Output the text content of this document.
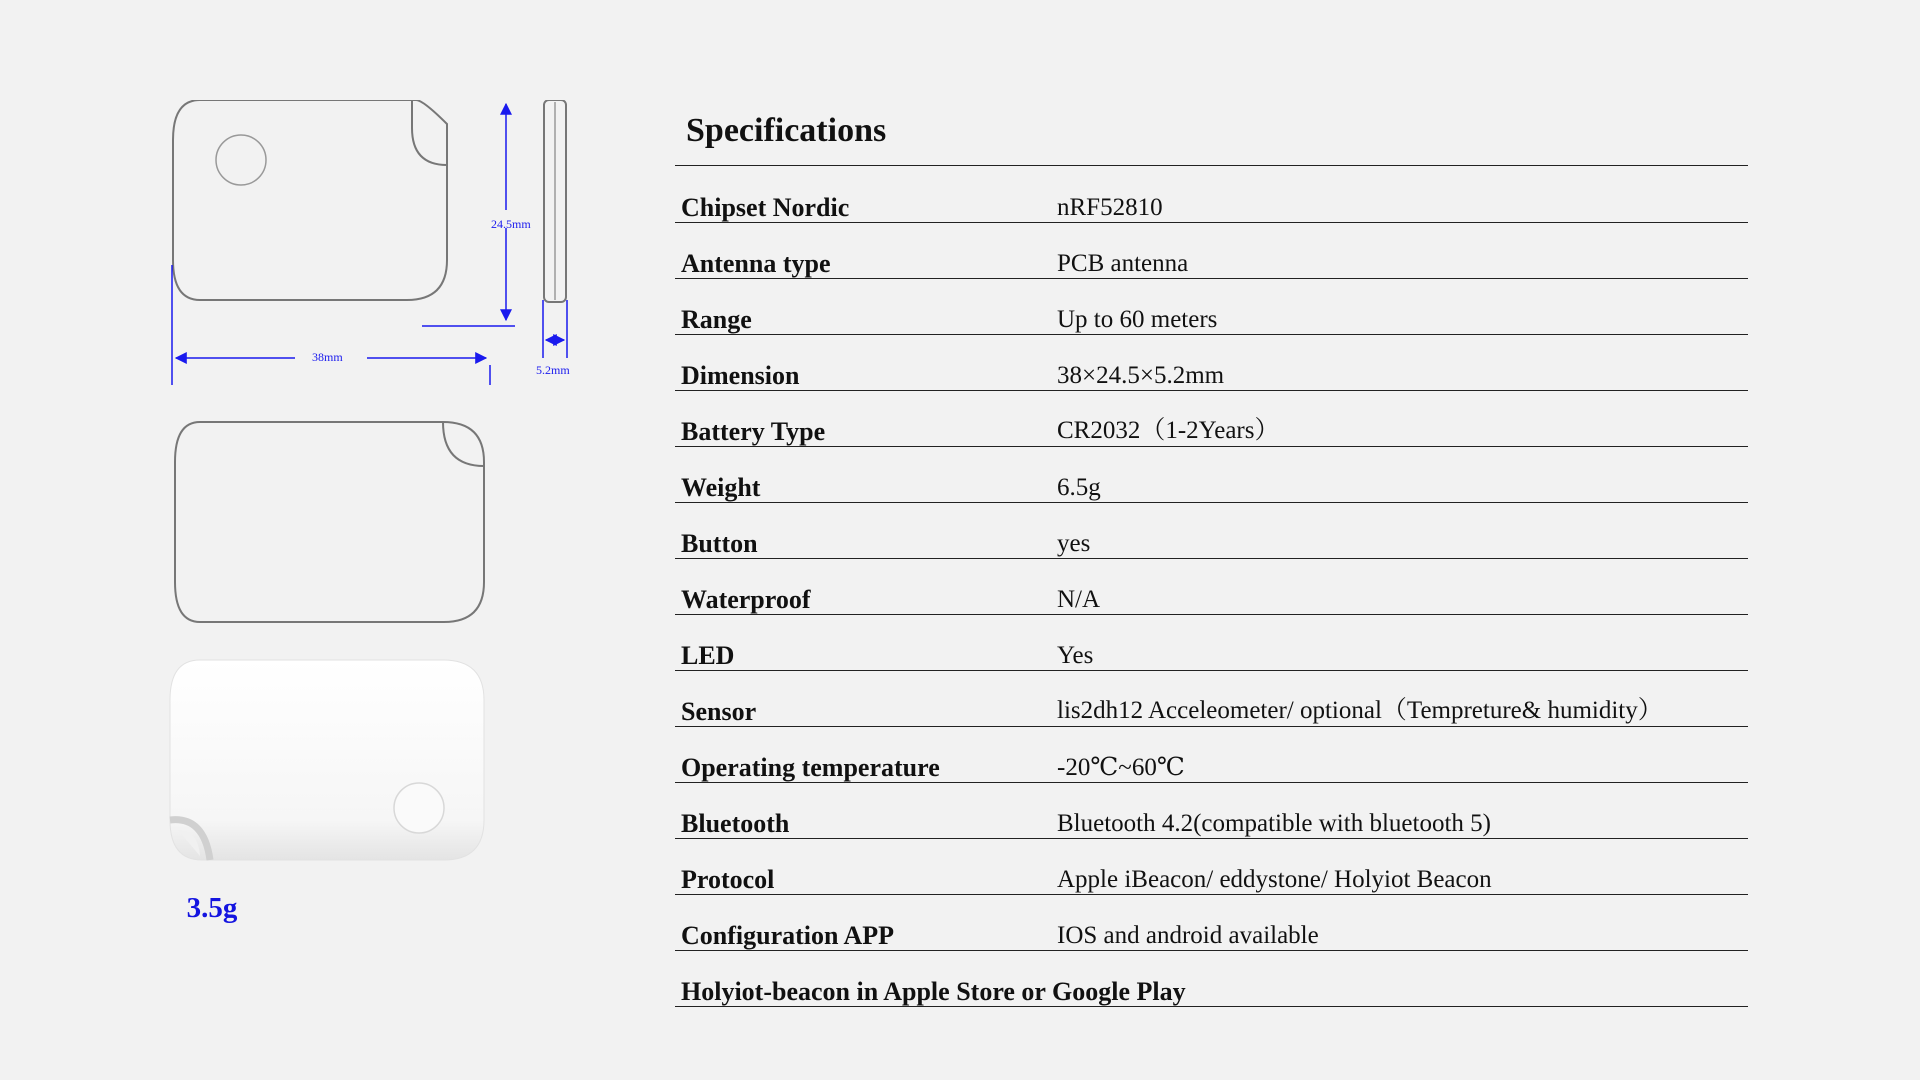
24.5mm
38mm
5.2mm
3.5g
Specifications
Chipset Nordic	nRF52810
Antenna type	PCB antenna
Range	Up to 60 meters
Dimension	38×24.5×5.2mm
Battery Type	CR2032（1-2Years）
Weight	6.5g
Button	yes
Waterproof	N/A
LED	Yes
Sensor	lis2dh12 Acceleometer/ optional（Tempreture& humidity）
Operating temperature	-20℃~60℃
Bluetooth	Bluetooth 4.2(compatible with bluetooth 5)
Protocol	Apple iBeacon/ eddystone/ Holyiot Beacon
Configuration APP	IOS and android available
Holyiot-beacon in Apple Store or Google Play
